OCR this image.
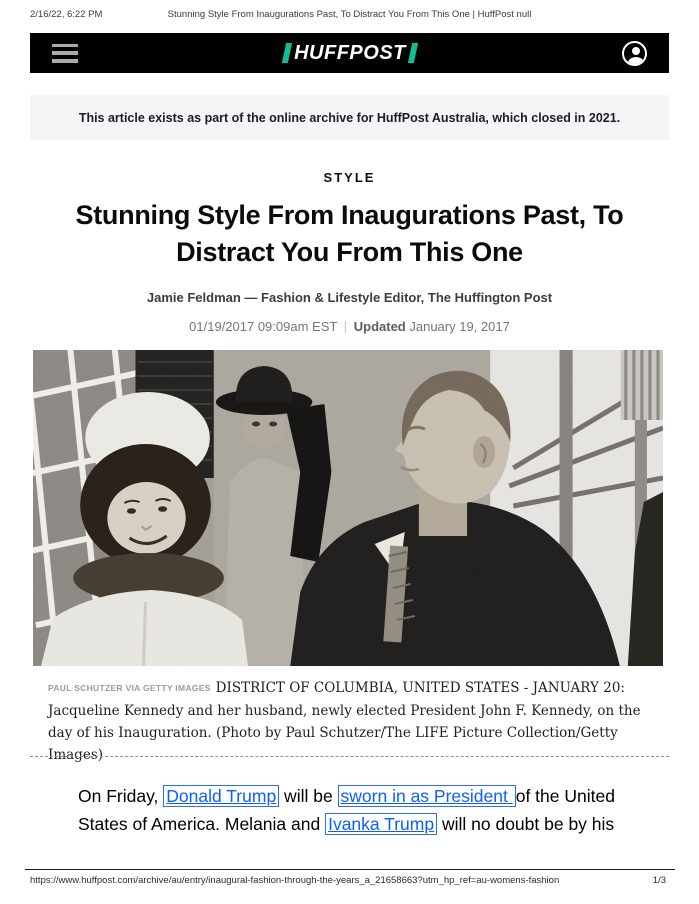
2/16/22, 6:22 PM	Stunning Style From Inaugurations Past, To Distract You From This One | HuffPost null
HUFFPOST
This article exists as part of the online archive for HuffPost Australia, which closed in 2021.
STYLE
Stunning Style From Inaugurations Past, To
Distract You From This One
Jamie Feldman — Fashion & Lifestyle Editor, The Huffington Post
01/19/2017 09:09am EST | Updated January 19, 2017
PAUL SCHUTZER VIA GETTY IMAGES DISTRICT OF COLUMBIA, UNITED STATES - JANUARY 20: Jacqueline Kennedy and her husband, newly elected President John F. Kennedy, on the day of his Inauguration. (Photo by Paul Schutzer/The LIFE Picture Collection/Getty Images)

On Friday, Donald Trump will be sworn in as President of the United States of America. Melania and Ivanka Trump will no doubt be by his

https://www.huffpost.com/archive/au/entry/inaugural-fashion-through-the-years_a_21658663?utm_hp_ref=au-womens-fashion	1/3
